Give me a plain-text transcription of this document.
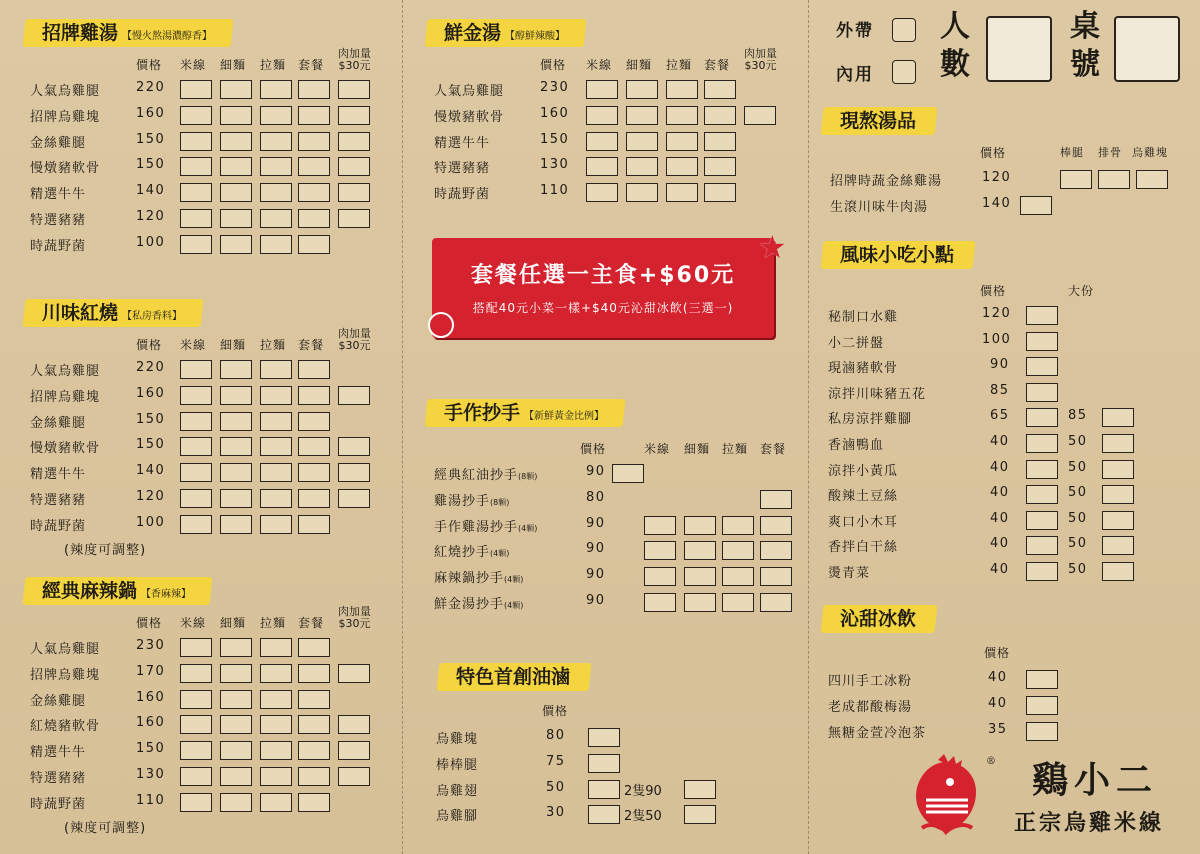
招牌雞湯 【慢火熬湯濃醇香】
價格 米線 細麵 拉麵 套餐
肉加量
$30元
人氣烏雞腿	220
招牌烏雞塊	160
金絲雞腿	150
慢燉豬軟骨	150
精選牛牛	140
特選豬豬	120
時蔬野菌	100
川味紅燒 【私房香料】
價格 米線 細麵 拉麵 套餐
肉加量
$30元
人氣烏雞腿	220
招牌烏雞塊	160
金絲雞腿	150
慢燉豬軟骨	150
精選牛牛	140
特選豬豬	120
時蔬野菌	100
(辣度可調整)
經典麻辣鍋 【香麻辣】
價格 米線 細麵 拉麵 套餐
肉加量
$30元
人氣烏雞腿	230
招牌烏雞塊	170
金絲雞腿	160
紅燒豬軟骨	160
精選牛牛	150
特選豬豬	130
時蔬野菌	110
(辣度可調整)
鮮金湯 【醇鮮辣酸】
價格 米線 細麵 拉麵 套餐
肉加量
$30元
人氣烏雞腿	230
慢燉豬軟骨	160
精選牛牛	150
特選豬豬	130
時蔬野菌	110
手作抄手 【新鮮黃金比例】
價格	米線 細麵 拉麵 套餐
經典紅油抄手(8顆)	90
雞湯抄手(8顆)	80
手作雞湯抄手(4顆)	90
紅燒抄手(4顆)	90
麻辣鍋抄手(4顆)	90
鮮金湯抄手(4顆)	90
特色首創油滷
價格
烏雞塊	80
棒棒腿	75
烏雞翅	50	2隻90
烏雞腳	30	2隻50
現熬湯品
價格	棒腿 排骨 烏雞塊
招牌時蔬金絲雞湯	120
生滾川味牛肉湯	140
風味小吃小點
價格	大份
秘制口水雞	120
小二拼盤	100
現滷豬軟骨	90
涼拌川味豬五花	85
私房涼拌雞腳	65	85
香滷鴨血	40	50
涼拌小黃瓜	40	50
酸辣土豆絲	40	50
爽口小木耳	40	50
香拌白干絲	40	50
燙青菜	40	50
沁甜冰飲
價格
四川手工冰粉	40
老成都酸梅湯	40
無糖金萱冷泡茶	35
套餐任選一主食+$60元
搭配40元小菜一樣+$40元沁甜冰飲(三選一)
★
外帶
內用
人
數
桌
號
鷄小二
®
正宗烏雞米線
